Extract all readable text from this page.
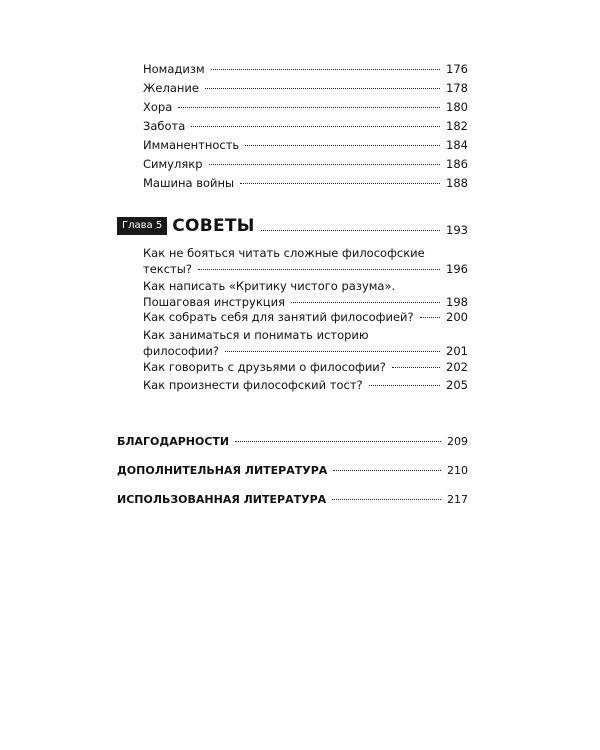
Номадизм	176
Желание	178
Хора	180
Забота	182
Имманентность	184
Симулякр	186
Машина войны	188
Глава 5 СОВЕТЫ	193
Как не бояться читать сложные философские
тексты?	196
Как написать «Критику чистого разума».
Пошаговая инструкция	198
Как собрать себя для занятий философией?	200
Как заниматься и понимать историю
философии?	201
Как говорить с друзьями о философии?	202
Как произнести философский тост?	205
БЛАГОДАРНОСТИ	209
ДОПОЛНИТЕЛЬНАЯ ЛИТЕРАТУРА	210
ИСПОЛЬЗОВАННАЯ ЛИТЕРАТУРА	217
